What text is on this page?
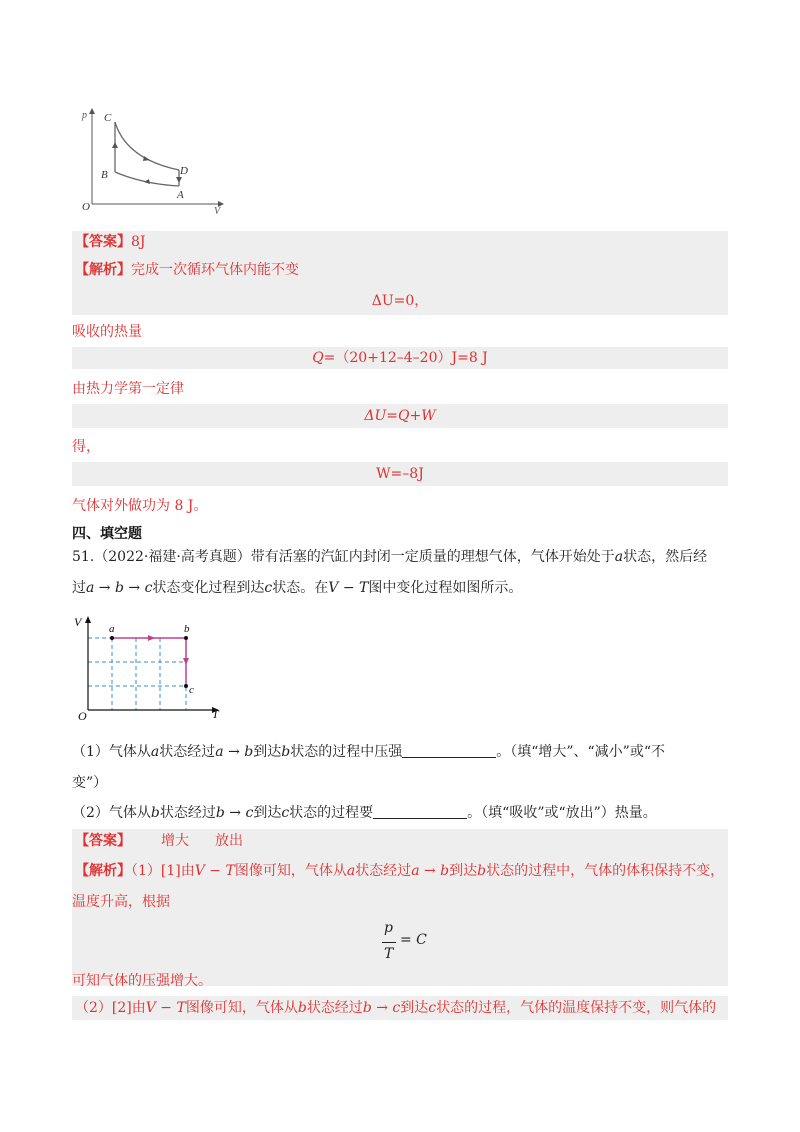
p
V
O
C
B	D
A
【答案】8J
【解析】完成一次循环气体内能不变
ΔU=0，
吸收的热量
Q=（20+12–4–20）J=8 J
由热力学第一定律
ΔU=Q+W
得，
W=–8J
气体对外做功为 8 J。
四、填空题
51.（2022·福建·高考真题）带有活塞的汽缸内封闭一定质量的理想气体，气体开始处于a状态，然后经
过a → b → c状态变化过程到达c状态。在V − T图中变化过程如图所示。
V
T
O
a	b
c
（1）气体从a状态经过a → b到达b状态的过程中压强	。（填“增大”、“减小”或“不
变”）
（2）气体从b状态经过b → c到达c状态的过程要	。（填“吸收”或“放出”）热量。
【答案】 增大 放出
【解析】（1）[1]由V − T图像可知，气体从a状态经过a → b到达b状态的过程中，气体的体积保持不变，
温度升高，根据
p
T
= C
可知气体的压强增大。
（2）[2]由V − T图像可知，气体从b状态经过b → c到达c状态的过程，气体的温度保持不变，则气体的
